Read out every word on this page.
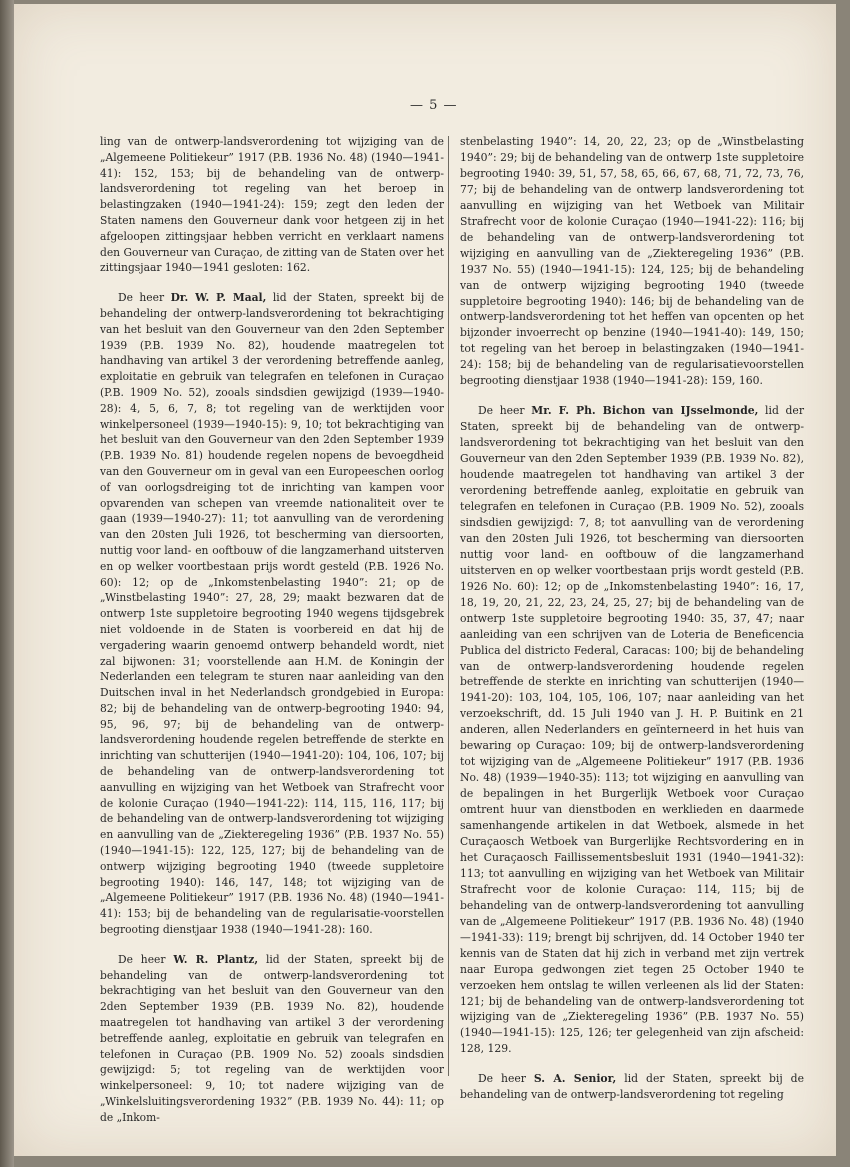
— 5 —

ling van de ontwerp-landsverordening tot wijziging van de „Algemeene Politiekeur” 1917 (P.B. 1936 No. 48) (1940—1941-41): 152, 153; bij de behandeling van de ontwerp-landsverordening tot regeling van het beroep in belastingzaken (1940—1941-24): 159; zegt den leden der Staten namens den Gouverneur dank voor hetgeen zij in het afgeloopen zittingsjaar hebben verricht en verklaart namens den Gouverneur van Curaçao, de zitting van de Staten over het zittingsjaar 1940—1941 gesloten: 162.

De heer Dr. W. P. Maal, lid der Staten, spreekt bij de behandeling der ontwerp-landsverordening tot bekrachtiging van het besluit van den Gouverneur van den 2den September 1939 (P.B. 1939 No. 82), houdende maatregelen tot handhaving van artikel 3 der verordening betreffende aanleg, exploitatie en gebruik van telegrafen en telefonen in Curaçao (P.B. 1909 No. 52), zooals sindsdien gewijzigd (1939—1940-28): 4, 5, 6, 7, 8; tot regeling van de werktijden voor winkelpersoneel (1939—1940-15): 9, 10; tot bekrachtiging van het besluit van den Gouverneur van den 2den September 1939 (P.B. 1939 No. 81) houdende regelen nopens de bevoegdheid van den Gouverneur om in geval van een Europeeschen oorlog of van oorlogsdreiging tot de inrichting van kampen voor opvarenden van schepen van vreemde nationaliteit over te gaan (1939—1940-27): 11; tot aanvulling van de verordening van den 20sten Juli 1926, tot bescherming van diersoorten, nuttig voor land- en ooftbouw of die langzamerhand uitsterven en op welker voortbestaan prijs wordt gesteld (P.B. 1926 No. 60): 12; op de „Inkomstenbelasting 1940”: 21; op de „Winstbelasting 1940”: 27, 28, 29; maakt bezwaren dat de ontwerp 1ste suppletoire begrooting 1940 wegens tijdsgebrek niet voldoende in de Staten is voorbereid en dat hij de vergadering waarin genoemd ontwerp behandeld wordt, niet zal bijwonen: 31; voorstellende aan H.M. de Koningin der Nederlanden een telegram te sturen naar aanleiding van den Duitschen inval in het Nederlandsch grondgebied in Europa: 82; bij de behandeling van de ontwerp-begrooting 1940: 94, 95, 96, 97; bij de behandeling van de ontwerp-landsverordening houdende regelen betreffende de sterkte en inrichting van schutterijen (1940—1941-20): 104, 106, 107; bij de behandeling van de ontwerp-landsverordening tot aanvulling en wijziging van het Wetboek van Strafrecht voor de kolonie Curaçao (1940—1941-22): 114, 115, 116, 117; bij de behandeling van de ontwerp-landsverordening tot wijziging en aanvulling van de „Ziekteregeling 1936” (P.B. 1937 No. 55) (1940—1941-15): 122, 125, 127; bij de behandeling van de ontwerp wijziging begrooting 1940 (tweede suppletoire begrooting 1940): 146, 147, 148; tot wijziging van de „Algemeene Politiekeur” 1917 (P.B. 1936 No. 48) (1940—1941-41): 153; bij de behandeling van de regularisatie-voorstellen begrooting dienstjaar 1938 (1940—1941-28): 160.

De heer W. R. Plantz, lid der Staten, spreekt bij de behandeling van de ontwerp-landsverordening tot bekrachtiging van het besluit van den Gouverneur van den 2den September 1939 (P.B. 1939 No. 82), houdende maatregelen tot handhaving van artikel 3 der verordening betreffende aanleg, exploitatie en gebruik van telegrafen en telefonen in Curaçao (P.B. 1909 No. 52) zooals sindsdien gewijzigd: 5; tot regeling van de werktijden voor winkelpersoneel: 9, 10; tot nadere wijziging van de „Winkelsluitingsverordening 1932” (P.B. 1939 No. 44): 11; op de „Inkom-

stenbelasting 1940”: 14, 20, 22, 23; op de „Winstbelasting 1940”: 29; bij de behandeling van de ontwerp 1ste suppletoire begrooting 1940: 39, 51, 57, 58, 65, 66, 67, 68, 71, 72, 73, 76, 77; bij de behandeling van de ontwerp landsverordening tot aanvulling en wijziging van het Wetboek van Militair Strafrecht voor de kolonie Curaçao (1940—1941-22): 116; bij de behandeling van de ontwerp-landsverordening tot wijziging en aanvulling van de „Ziekteregeling 1936” (P.B. 1937 No. 55) (1940—1941-15): 124, 125; bij de behandeling van de ontwerp wijziging begrooting 1940 (tweede suppletoire begrooting 1940): 146; bij de behandeling van de ontwerp-landsverordening tot het heffen van opcenten op het bijzonder invoerrecht op benzine (1940—1941-40): 149, 150; tot regeling van het beroep in belastingzaken (1940—1941-24): 158; bij de behandeling van de regularisatievoorstellen begrooting dienstjaar 1938 (1940—1941-28): 159, 160.

De heer Mr. F. Ph. Bichon van IJsselmonde, lid der Staten, spreekt bij de behandeling van de ontwerp-landsverordening tot bekrachtiging van het besluit van den Gouverneur van den 2den September 1939 (P.B. 1939 No. 82), houdende maatregelen tot handhaving van artikel 3 der verordening betreffende aanleg, exploitatie en gebruik van telegrafen en telefonen in Curaçao (P.B. 1909 No. 52), zooals sindsdien gewijzigd: 7, 8; tot aanvulling van de verordening van den 20sten Juli 1926, tot bescherming van diersoorten nuttig voor land- en ooftbouw of die langzamerhand uitsterven en op welker voortbestaan prijs wordt gesteld (P.B. 1926 No. 60): 12; op de „Inkomstenbelasting 1940”: 16, 17, 18, 19, 20, 21, 22, 23, 24, 25, 27; bij de behandeling van de ontwerp 1ste suppletoire begrooting 1940: 35, 37, 47; naar aanleiding van een schrijven van de Loteria de Beneficencia Publica del districto Federal, Caracas: 100; bij de behandeling van de ontwerp-landsverordening houdende regelen betreffende de sterkte en inrichting van schutterijen (1940—1941-20): 103, 104, 105, 106, 107; naar aanleiding van het verzoekschrift, dd. 15 Juli 1940 van J. H. P. Buitink en 21 anderen, allen Nederlanders en geïnterneerd in het huis van bewaring op Curaçao: 109; bij de ontwerp-landsverordening tot wijziging van de „Algemeene Politiekeur” 1917 (P.B. 1936 No. 48) (1939—1940-35): 113; tot wijziging en aanvulling van de bepalingen in het Burgerlijk Wetboek voor Curaçao omtrent huur van dienstboden en werklieden en daarmede samenhangende artikelen in dat Wetboek, alsmede in het Curaçaosch Wetboek van Burgerlijke Rechtsvordering en in het Curaçaosch Faillissementsbesluit 1931 (1940—1941-32): 113; tot aanvulling en wijziging van het Wetboek van Militair Strafrecht voor de kolonie Curaçao: 114, 115; bij de behandeling van de ontwerp-landsverordening tot aanvulling van de „Algemeene Politiekeur” 1917 (P.B. 1936 No. 48) (1940—1941-33): 119; brengt bij schrijven, dd. 14 October 1940 ter kennis van de Staten dat hij zich in verband met zijn vertrek naar Europa gedwongen ziet tegen 25 October 1940 te verzoeken hem ontslag te willen verleenen als lid der Staten: 121; bij de behandeling van de ontwerp-landsverordening tot wijziging van de „Ziekteregeling 1936” (P.B. 1937 No. 55) (1940—1941-15): 125, 126; ter gelegenheid van zijn afscheid: 128, 129.

De heer S. A. Senior, lid der Staten, spreekt bij de behandeling van de ontwerp-landsverordening tot regeling
